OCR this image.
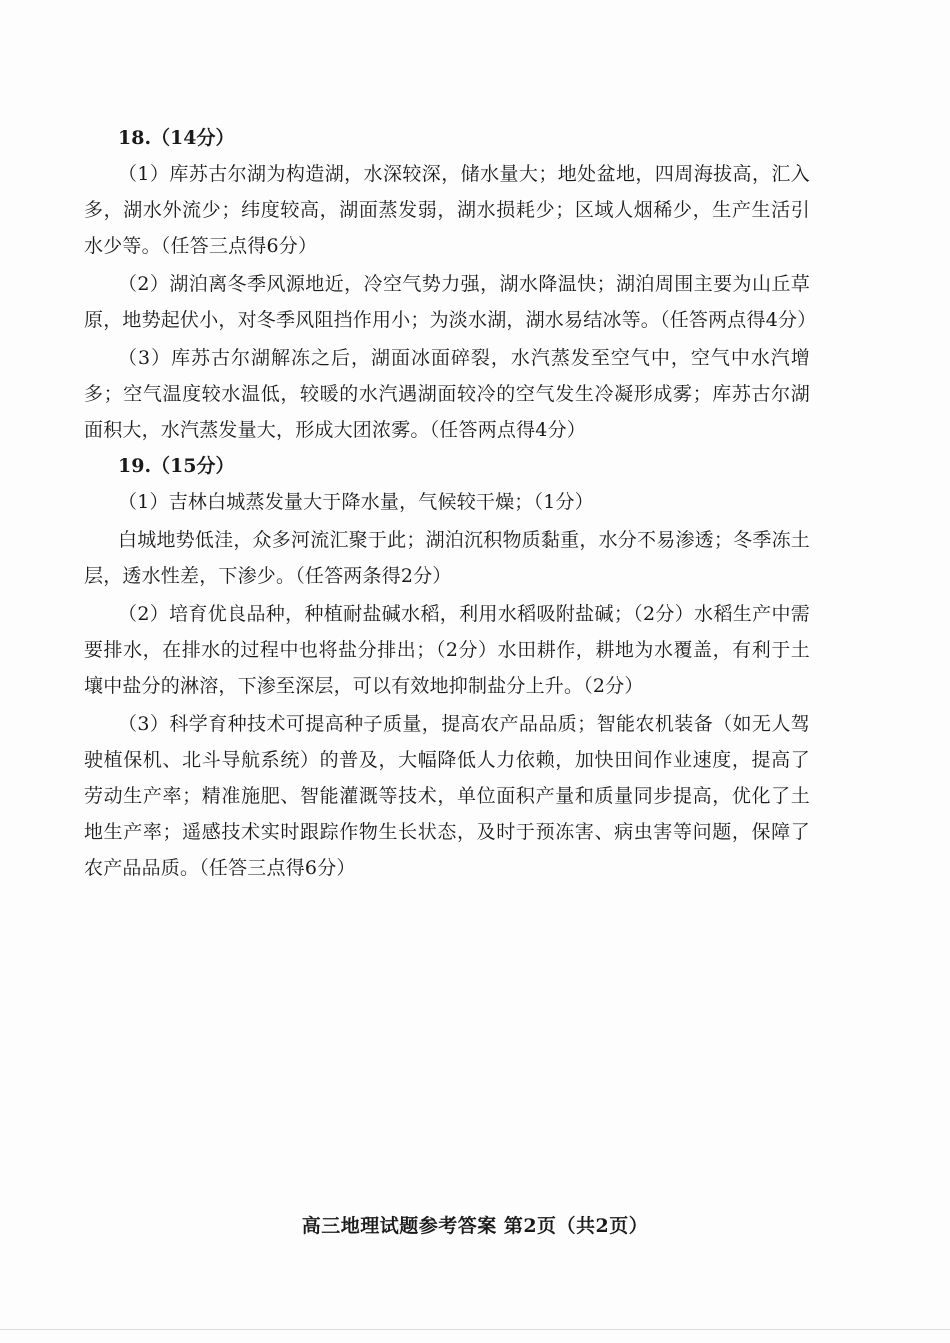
18.（14分）

（1）库苏古尔湖为构造湖，水深较深，储水量大；地处盆地，四周海拔高，汇入多，湖水外流少；纬度较高，湖面蒸发弱，湖水损耗少；区域人烟稀少，生产生活引水少等。（任答三点得6分）

（2）湖泊离冬季风源地近，冷空气势力强，湖水降温快；湖泊周围主要为山丘草原，地势起伏小，对冬季风阻挡作用小；为淡水湖，湖水易结冰等。（任答两点得4分）

（3）库苏古尔湖解冻之后，湖面冰面碎裂，水汽蒸发至空气中，空气中水汽增多；空气温度较水温低，较暖的水汽遇湖面较冷的空气发生冷凝形成雾；库苏古尔湖面积大，水汽蒸发量大，形成大团浓雾。（任答两点得4分）

19.（15分）

（1）吉林白城蒸发量大于降水量，气候较干燥；（1分）

白城地势低洼，众多河流汇聚于此；湖泊沉积物质黏重，水分不易渗透；冬季冻土层，透水性差，下渗少。（任答两条得2分）

（2）培育优良品种，种植耐盐碱水稻，利用水稻吸附盐碱；（2分）水稻生产中需要排水，在排水的过程中也将盐分排出；（2分）水田耕作，耕地为水覆盖，有利于土壤中盐分的淋溶，下渗至深层，可以有效地抑制盐分上升。（2分）

（3）科学育种技术可提高种子质量，提高农产品品质；智能农机装备（如无人驾驶植保机、北斗导航系统）的普及，大幅降低人力依赖，加快田间作业速度，提高了劳动生产率；精准施肥、智能灌溉等技术，单位面积产量和质量同步提高，优化了土地生产率；遥感技术实时跟踪作物生长状态，及时于预冻害、病虫害等问题，保障了农产品品质。（任答三点得6分）

高三地理试题参考答案 第2页（共2页）
